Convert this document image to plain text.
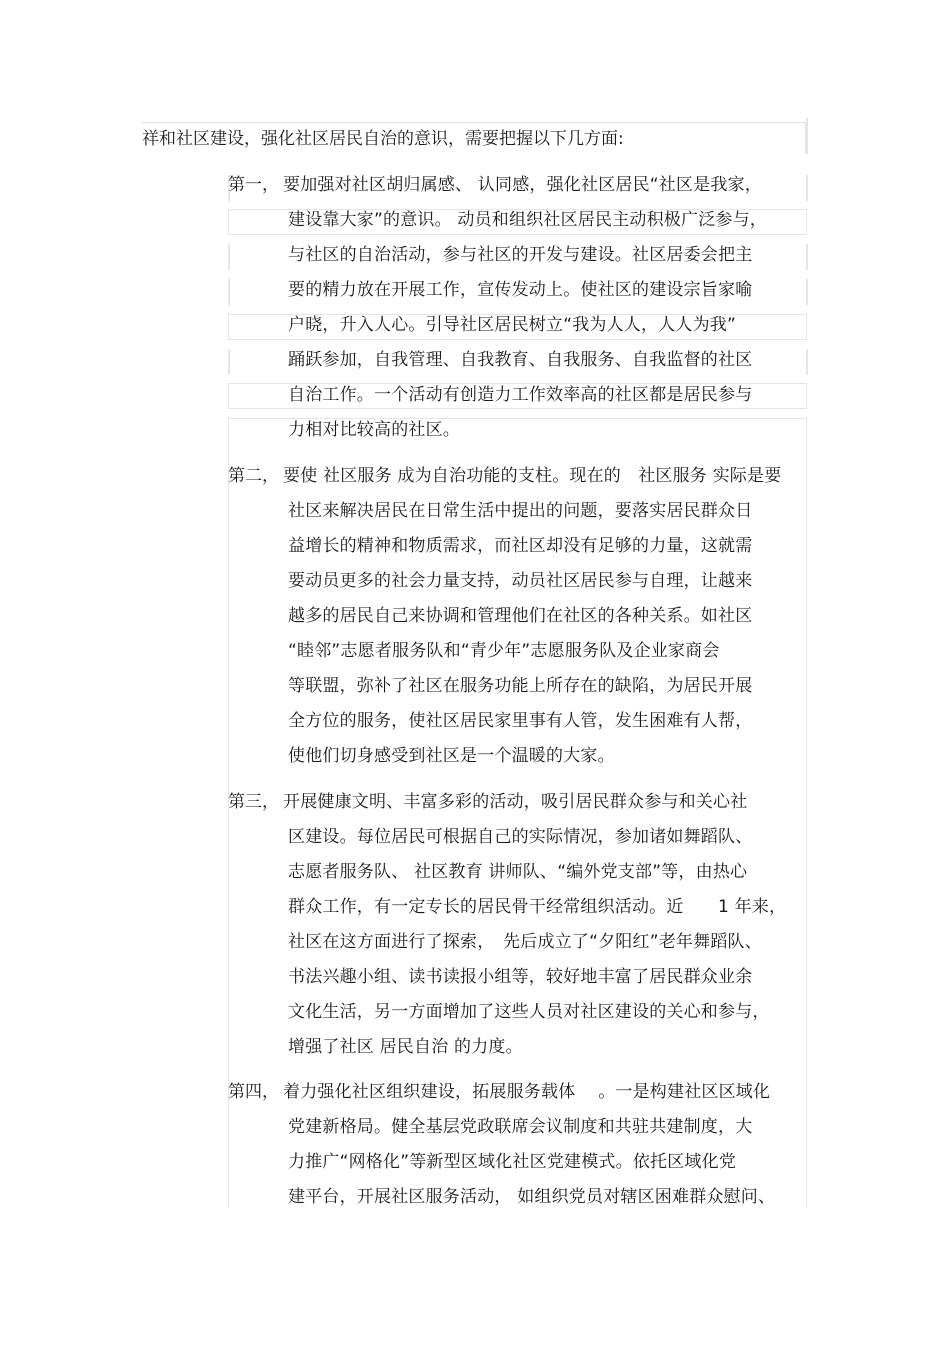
祥和社区建设，强化社区居民自治的意识，需要把握以下几方面:
第一， 要加强对社区胡归属感、 认同感，强化社区居民“社区是我家，
建设靠大家”的意识。 动员和组织社区居民主动积极广泛参与，
与社区的自治活动，参与社区的开发与建设。社区居委会把主
要的精力放在开展工作，宣传发动上。使社区的建设宗旨家喻
户晓，升入人心。引导社区居民树立“我为人人，人人为我”
踊跃参加，自我管理、自我教育、自我服务、自我监督的社区
自治工作。一个活动有创造力工作效率高的社区都是居民参与
力相对比较高的社区。
第二， 要使 社区服务 成为自治功能的支柱。现在的　社区服务 实际是要
社区来解决居民在日常生活中提出的问题，要落实居民群众日
益增长的精神和物质需求，而社区却没有足够的力量，这就需
要动员更多的社会力量支持，动员社区居民参与自理，让越来
越多的居民自己来协调和管理他们在社区的各种关系。如社区
“睦邻”志愿者服务队和“青少年”志愿服务队及企业家商会
等联盟，弥补了社区在服务功能上所存在的缺陷，为居民开展
全方位的服务，使社区居民家里事有人管，发生困难有人帮，
使他们切身感受到社区是一个温暖的大家。
第三， 开展健康文明、丰富多彩的活动，吸引居民群众参与和关心社
区建设。每位居民可根据自己的实际情况，参加诸如舞蹈队、
志愿者服务队、 社区教育 讲师队、“编外党支部”等，由热心
群众工作，有一定专长的居民骨干经常组织活动。近　　1 年来，
社区在这方面进行了探索，　先后成立了“夕阳红”老年舞蹈队、
书法兴趣小组、读书读报小组等，较好地丰富了居民群众业余
文化生活，另一方面增加了这些人员对社区建设的关心和参与，
增强了社区 居民自治 的力度。
第四， 着力强化社区组织建设，拓展服务载体　 。一是构建社区区域化
党建新格局。健全基层党政联席会议制度和共驻共建制度，大
力推广“网格化”等新型区域化社区党建模式。依托区域化党
建平台，开展社区服务活动， 如组织党员对辖区困难群众慰问、
